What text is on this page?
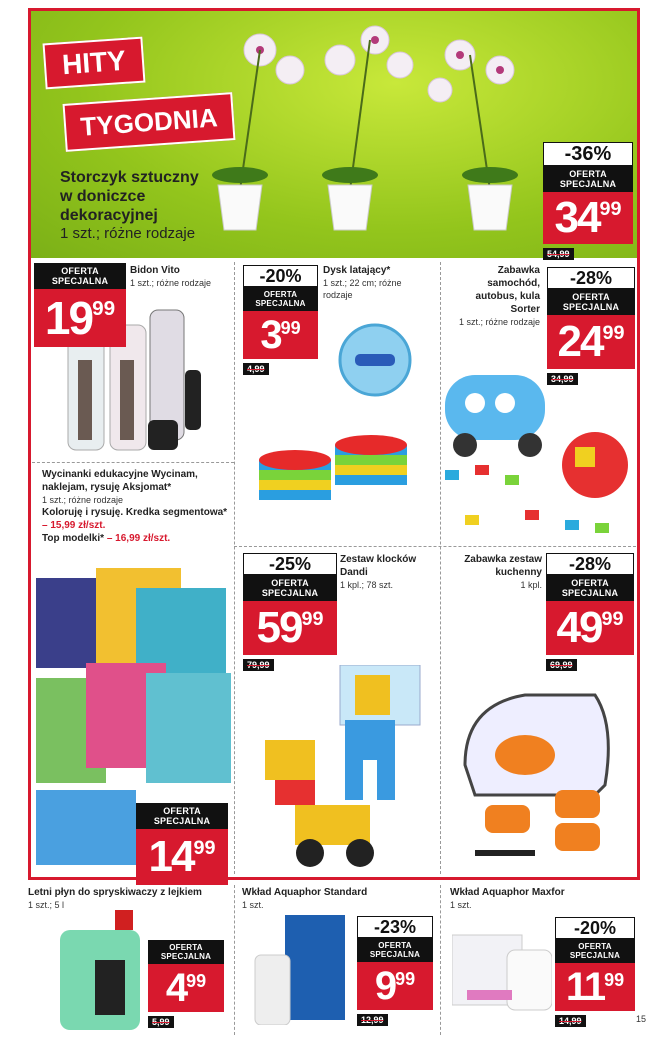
HITY
TYGODNIA
Storczyk sztuczny
w doniczce
dekoracyjnej
1 szt.; różne rodzaje
-36%
OFERTA SPECJALNA
$34^{99}$
54,99
OFERTA SPECJALNA
$19^{99}$
Bidon Vito
1 szt.; różne rodzaje	-20%
OFERTA SPECJALNA
$3^{99}$
4,99
Dysk latający*
1 szt.; 22 cm; różne rodzaje
Zabawka samochód,
autobus, kula Sorter
1 szt.; różne rodzaje
-28%
OFERTA SPECJALNA
$24^{99}$
34,99
Wycinanki edukacyjne Wycinam,
naklejam, rysuję Aksjomat*
1 szt.; różne rodzaje
Koloruję i rysuję. Kredka segmentowa*
– 15,99 zł/szt.
Top modelki* – 16,99 zł/szt.
OFERTA SPECJALNA
$14^{99}$
-25%
OFERTA SPECJALNA
$59^{99}$
79,99
Zestaw klocków Dandi
1 kpl.; 78 szt.
Zabawka zestaw
kuchenny
1 kpl.
-28%
OFERTA SPECJALNA
$49^{99}$
69,99
Letni płyn do spryskiwaczy z lejkiem
1 szt.; 5 l
OFERTA SPECJALNA
$4^{99}$
5,99
Wkład Aquaphor Standard
1 szt.
-23%
OFERTA SPECJALNA
$9^{99}$
12,99
Wkład Aquaphor Maxfor
1 szt.
-20%
OFERTA SPECJALNA
$11^{99}$
14,99	15
